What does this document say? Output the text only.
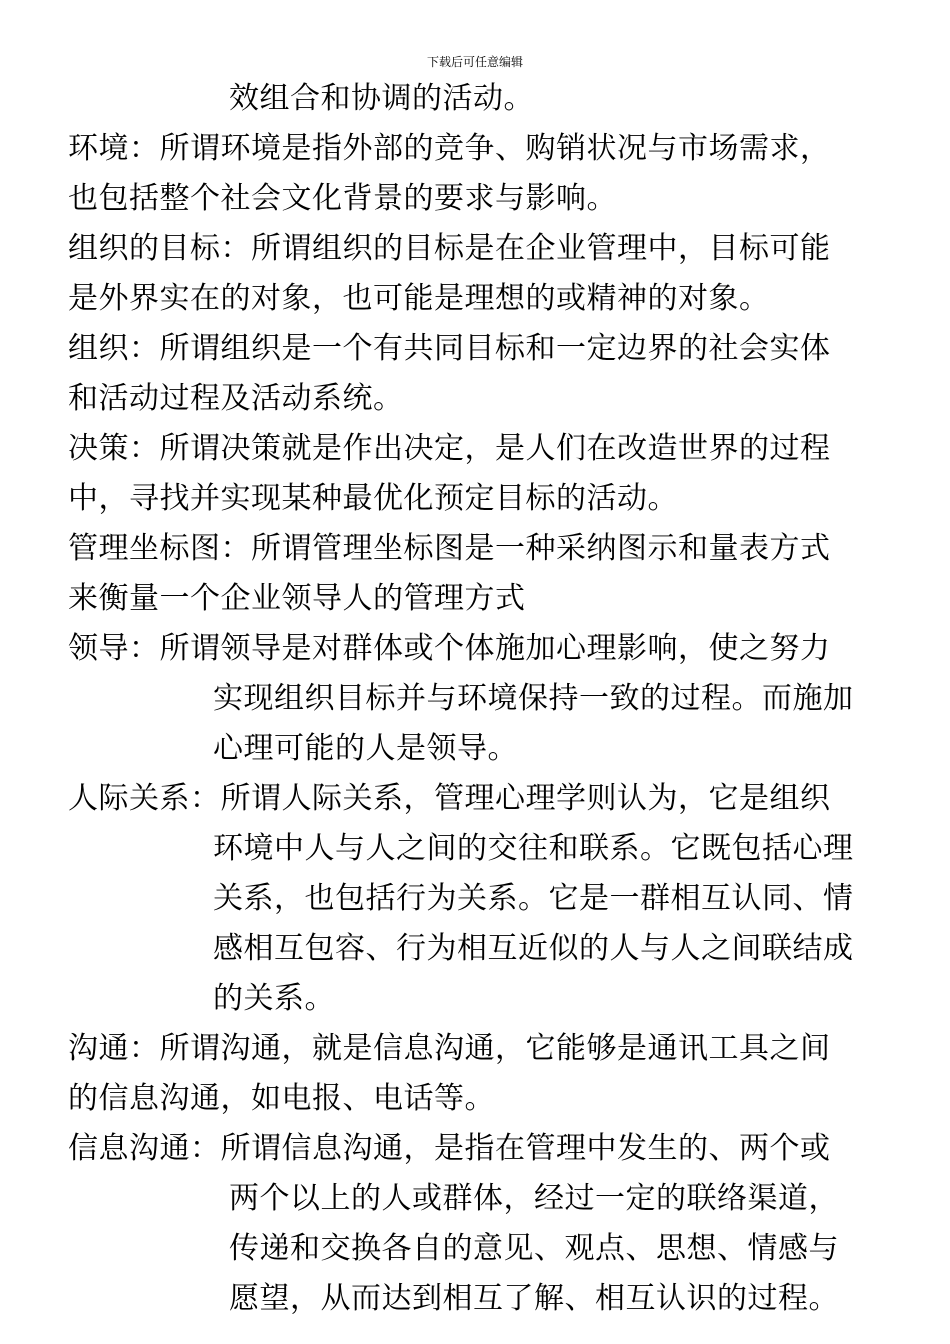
下载后可任意编辑
效组合和协调的活动。
环境：所谓环境是指外部的竞争、购销状况与市场需求，
也包括整个社会文化背景的要求与影响。
组织的目标：所谓组织的目标是在企业管理中，目标可能
是外界实在的对象，也可能是理想的或精神的对象。
组织：所谓组织是一个有共同目标和一定边界的社会实体
和活动过程及活动系统。
决策：所谓决策就是作出决定，是人们在改造世界的过程
中，寻找并实现某种最优化预定目标的活动。
管理坐标图：所谓管理坐标图是一种采纳图示和量表方式
来衡量一个企业领导人的管理方式
领导：所谓领导是对群体或个体施加心理影响，使之努力
实现组织目标并与环境保持一致的过程。而施加
心理可能的人是领导。
人际关系：所谓人际关系，管理心理学则认为，它是组织
环境中人与人之间的交往和联系。它既包括心理
关系，也包括行为关系。它是一群相互认同、情
感相互包容、行为相互近似的人与人之间联结成
的关系。
沟通：所谓沟通，就是信息沟通，它能够是通讯工具之间
的信息沟通，如电报、电话等。
信息沟通：所谓信息沟通，是指在管理中发生的、两个或
两个以上的人或群体，经过一定的联络渠道，
传递和交换各自的意见、观点、思想、情感与
愿望，从而达到相互了解、相互认识的过程。
